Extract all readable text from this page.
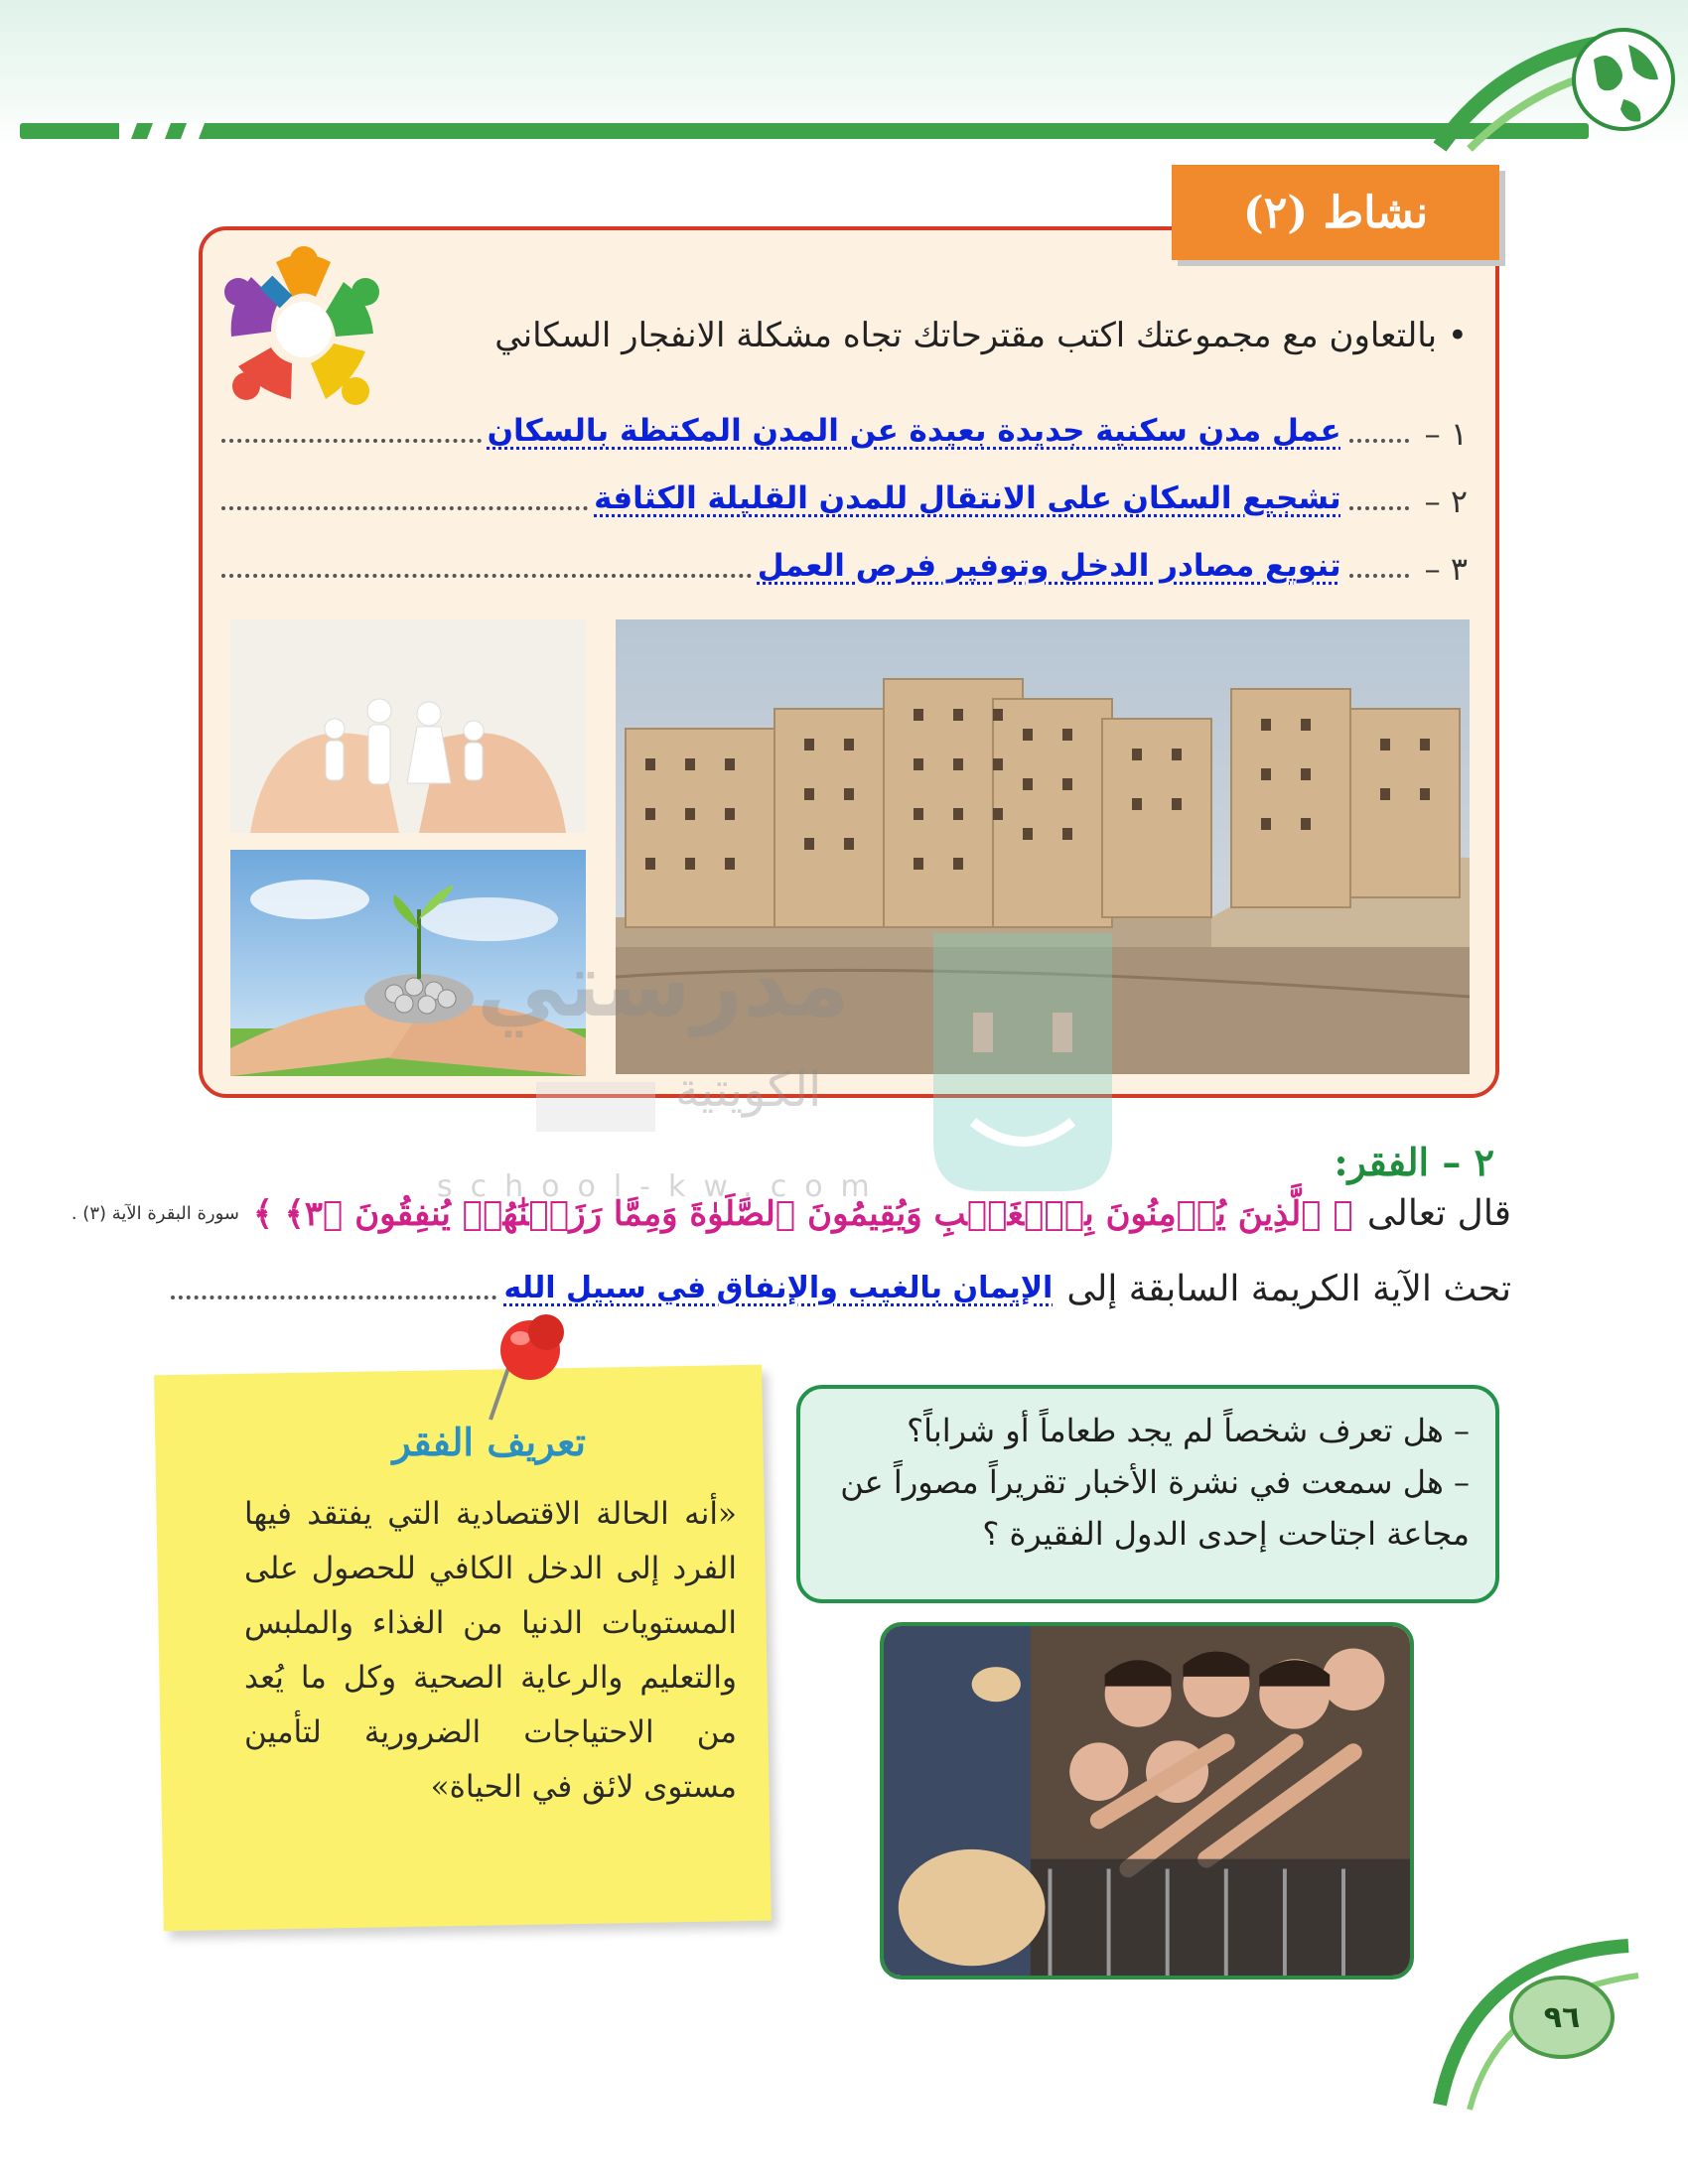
نشاط (٢)
• بالتعاون مع مجموعتك اكتب مقترحاتك تجاه مشكلة الانفجار السكاني
١ –
عمل مدن سكنية جديدة بعيدة عن المدن المكتظة بالسكان
٢ –
تشجيع السكان على الانتقال للمدن القليلة الكثافة
٣ –
تنويع مصادر الدخل وتوفير فرص العمل
مدرستي
الكويتية
school-kw.com
٢ – الفقر:
قال تعالى
﴿ ٱلَّذِينَ يُؤۡمِنُونَ بِٱلۡغَيۡبِ وَيُقِيمُونَ ٱلصَّلَوٰةَ وَمِمَّا رَزَقۡنَٰهُمۡ يُنفِقُونَ ﴿٣﴾ ﴾
سورة البقرة الآية (٣) .
تحث الآية الكريمة السابقة إلى
الإيمان بالغيب والإنفاق في سبيل الله
– هل تعرف شخصاً لم يجد طعاماً أو شراباً؟
– هل سمعت في نشرة الأخبار تقريراً مصوراً عن
مجاعة اجتاحت إحدى الدول الفقيرة ؟
تعريف الفقر
«أنه الحالة الاقتصادية التي يفتقد فيها الفرد إلى الدخل الكافي للحصول على المستويات الدنيا من الغذاء والملبس والتعليم والرعاية الصحية وكل ما يُعد من الاحتياجات الضرورية لتأمين مستوى لائق في الحياة»
٩٦
